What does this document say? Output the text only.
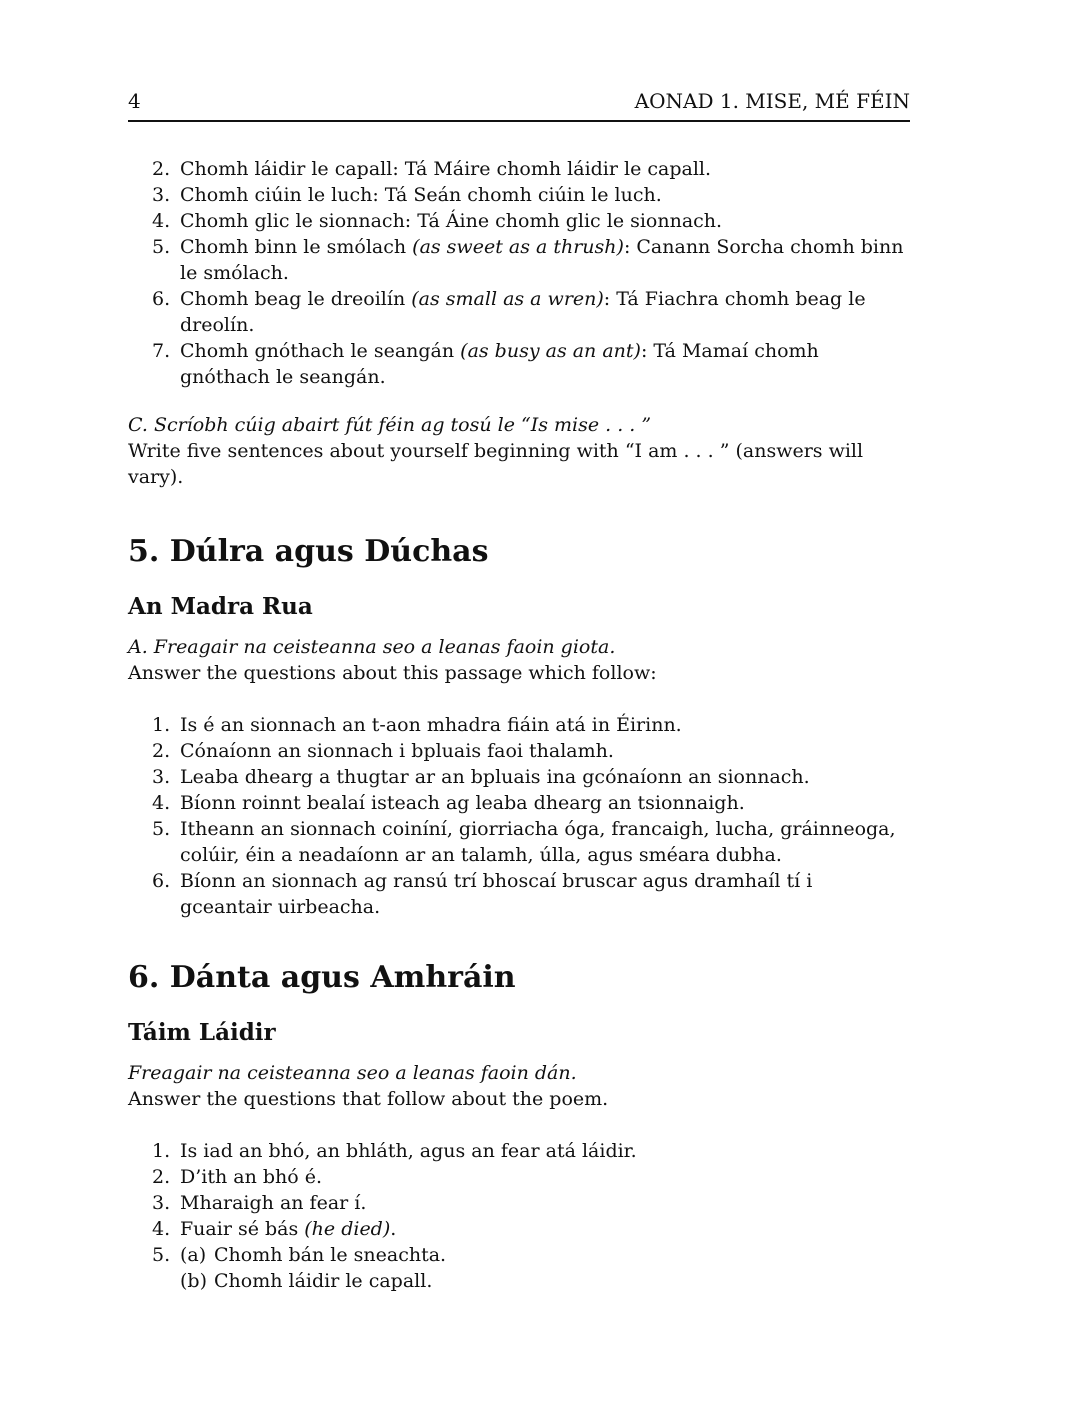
4	AONAD 1. MISE, MÉ FÉIN
2. Chomh láidir le capall: Tá Máire chomh láidir le capall.
3. Chomh ciúin le luch: Tá Seán chomh ciúin le luch.
4. Chomh glic le sionnach: Tá Áine chomh glic le sionnach.
5. Chomh binn le smólach (as sweet as a thrush): Canann Sorcha chomh binn le smólach.
6. Chomh beag le dreoilín (as small as a wren): Tá Fiachra chomh beag le dreolín.
7. Chomh gnóthach le seangán (as busy as an ant): Tá Mamaí chomh gnóthach le seangán.

C. Scríobh cúig abairt fút féin ag tosú le “Is mise . . . ”

Write five sentences about yourself beginning with “I am . . . ” (answers will vary).

5. Dúlra agus Dúchas
An Madra Rua

A. Freagair na ceisteanna seo a leanas faoin giota.

Answer the questions about this passage which follow:

1. Is é an sionnach an t-aon mhadra fiáin atá in Éirinn.
2. Cónaíonn an sionnach i bpluais faoi thalamh.
3. Leaba dhearg a thugtar ar an bpluais ina gcónaíonn an sionnach.
4. Bíonn roinnt bealaí isteach ag leaba dhearg an tsionnaigh.
5. Itheann an sionnach coiníní, giorriacha óga, francaigh, lucha, gráinneoga, colúir, éin a neadaíonn ar an talamh, úlla, agus sméara dubha.
6. Bíonn an sionnach ag ransú trí bhoscaí bruscar agus dramhaíl tí i gceantair uirbeacha.
6. Dánta agus Amhráin
Táim Láidir

Freagair na ceisteanna seo a leanas faoin dán.

Answer the questions that follow about the poem.

1. Is iad an bhó, an bhláth, agus an fear atá láidir.
2. D’ith an bhó é.
3. Mharaigh an fear í.
4. Fuair sé bás (he died).
5. (a) Chomh bán le sneachta.
(b) Chomh láidir le capall.
